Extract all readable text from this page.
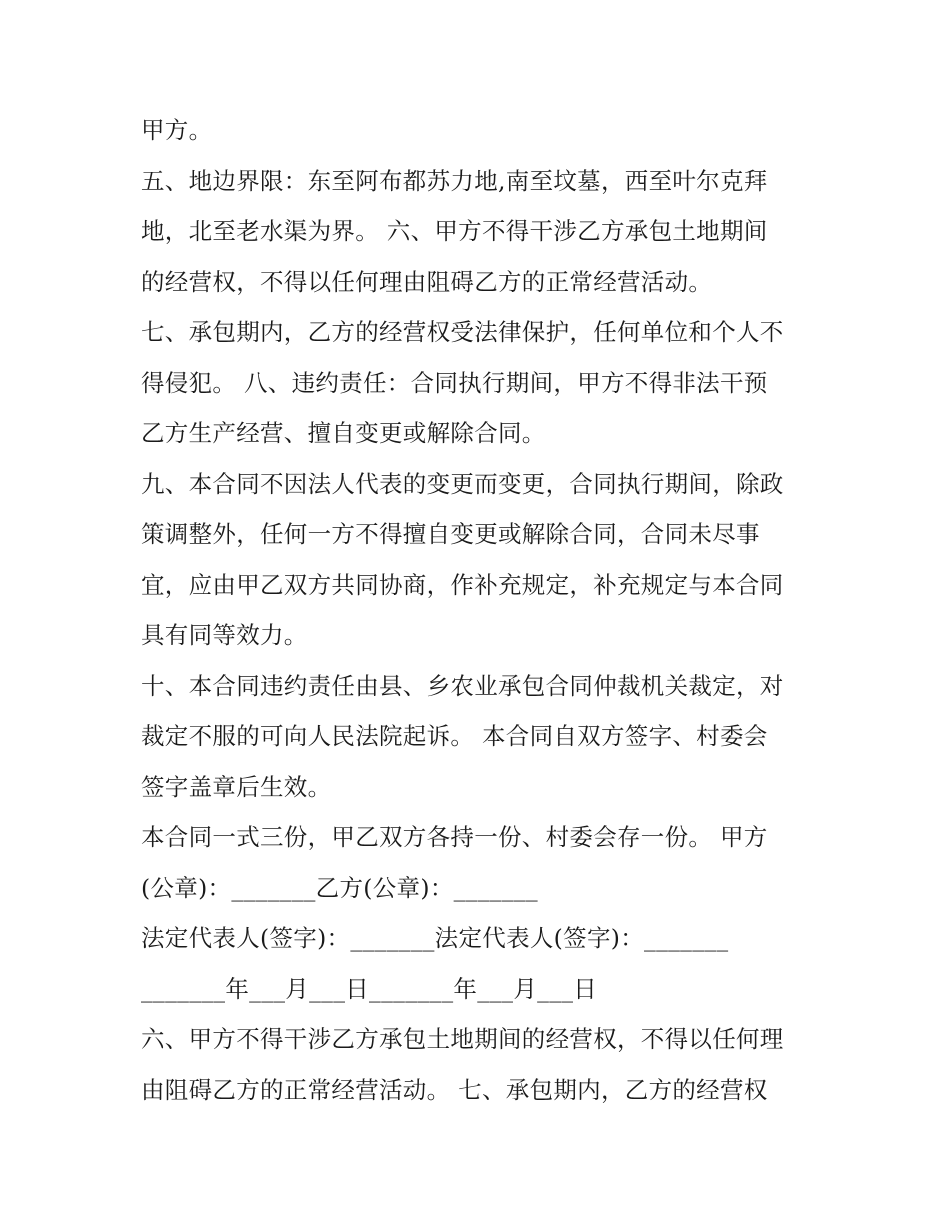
甲方。
五、地边界限：东至阿布都苏力地,南至坟墓，西至叶尔克拜
地，北至老水渠为界。 六、甲方不得干涉乙方承包土地期间
的经营权，不得以任何理由阻碍乙方的正常经营活动。
七、承包期内，乙方的经营权受法律保护，任何单位和个人不
得侵犯。 八、违约责任：合同执行期间，甲方不得非法干预
乙方生产经营、擅自变更或解除合同。
九、本合同不因法人代表的变更而变更，合同执行期间，除政
策调整外，任何一方不得擅自变更或解除合同，合同未尽事
宜，应由甲乙双方共同协商，作补充规定，补充规定与本合同
具有同等效力。
十、本合同违约责任由县、乡农业承包合同仲裁机关裁定，对
裁定不服的可向人民法院起诉。 本合同自双方签字、村委会
签字盖章后生效。
本合同一式三份，甲乙双方各持一份、村委会存一份。 甲方
(公章)：_______乙方(公章)：_______
法定代表人(签字)：_______法定代表人(签字)：_______
_______年___月___日_______年___月___日
六、甲方不得干涉乙方承包土地期间的经营权，不得以任何理
由阻碍乙方的正常经营活动。 七、承包期内，乙方的经营权
